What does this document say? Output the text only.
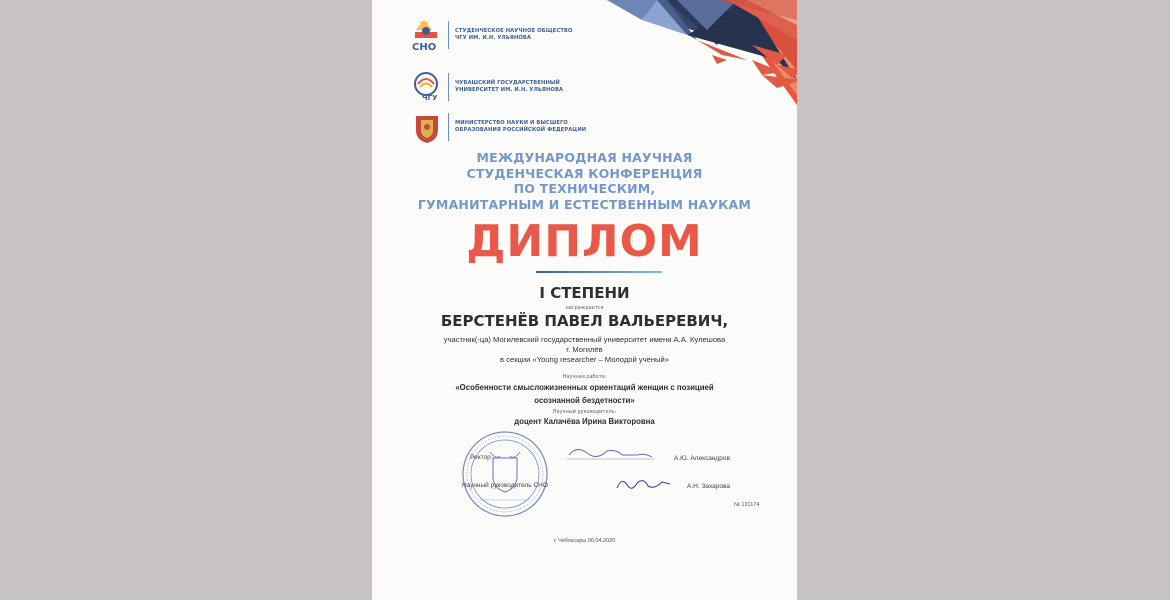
СНО
СТУДЕНЧЕСКОЕ НАУЧНОЕ ОБЩЕСТВО
ЧГУ ИМ. И.Н. УЛЬЯНОВА
ЧГУ
ЧУВАШСКИЙ ГОСУДАРСТВЕННЫЙ
УНИВЕРСИТЕТ ИМ. И.Н. УЛЬЯНОВА
МИНИСТЕРСТВО НАУКИ И ВЫСШЕГО
ОБРАЗОВАНИЯ РОССИЙСКОЙ ФЕДЕРАЦИИ
МЕЖДУНАРОДНАЯ НАУЧНАЯ
СТУДЕНЧЕСКАЯ КОНФЕРЕНЦИЯ
ПО ТЕХНИЧЕСКИМ,
ГУМАНИТАРНЫМ И ЕСТЕСТВЕННЫМ НАУКАМ
ДИПЛОМ
I СТЕПЕНИ
награждается
БЕРСТЕНЁВ ПАВЕЛ ВАЛЬЕРЕВИЧ,
участник(-ца) Могилевский государственный университет имени А.А. Кулешова
г. Могилёв
в секции «Young researcher – Молодой ученый»
Научная работа:
«Особенности смысложизненных ориентаций женщин с позицией
осознанной бездетности»
Научный руководитель:
доцент Калачёва Ирина Викторовна
Ректор	А.Ю. Александров
Научный руководитель СНО	А.Н. Захарова
№ 131174
г. Чебоксары 06.04.2020
